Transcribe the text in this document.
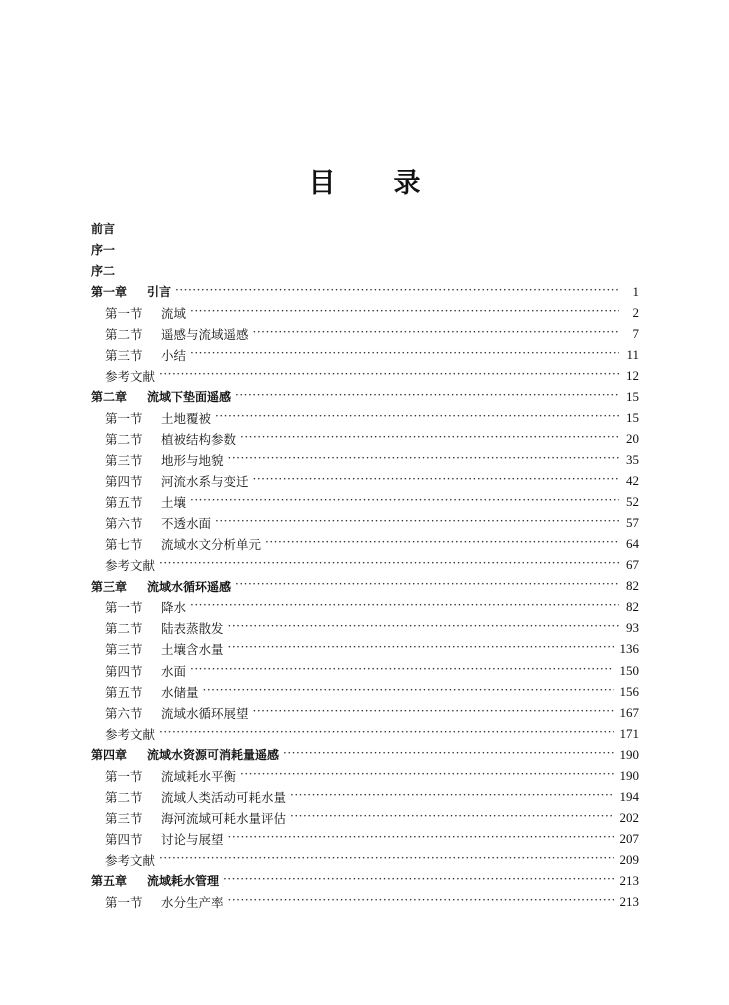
目 录
前言
序一
序二
第一章	引言 ·····	1
第一节	流域 ·····	2
第二节	遥感与流域遥感 ·····	7
第三节	小结 ·····	11
参考文献 ·····	12
第二章	流域下垫面遥感 ·····	15
第一节	土地覆被 ·····	15
第二节	植被结构参数 ·····	20
第三节	地形与地貌 ·····	35
第四节	河流水系与变迁 ·····	42
第五节	土壤 ·····	52
第六节	不透水面 ·····	57
第七节	流域水文分析单元 ·····	64
参考文献 ·····	67
第三章	流域水循环遥感 ·····	82
第一节	降水 ·····	82
第二节	陆表蒸散发 ·····	93
第三节	土壤含水量 ·····	136
第四节	水面 ·····	150
第五节	水储量 ·····	156
第六节	流域水循环展望 ·····	167
参考文献 ·····	171
第四章	流域水资源可消耗量遥感 ·····	190
第一节	流域耗水平衡 ·····	190
第二节	流域人类活动可耗水量 ·····	194
第三节	海河流域可耗水量评估 ·····	202
第四节	讨论与展望 ·····	207
参考文献 ·····	209
第五章	流域耗水管理 ·····	213
第一节	水分生产率 ·····	213
